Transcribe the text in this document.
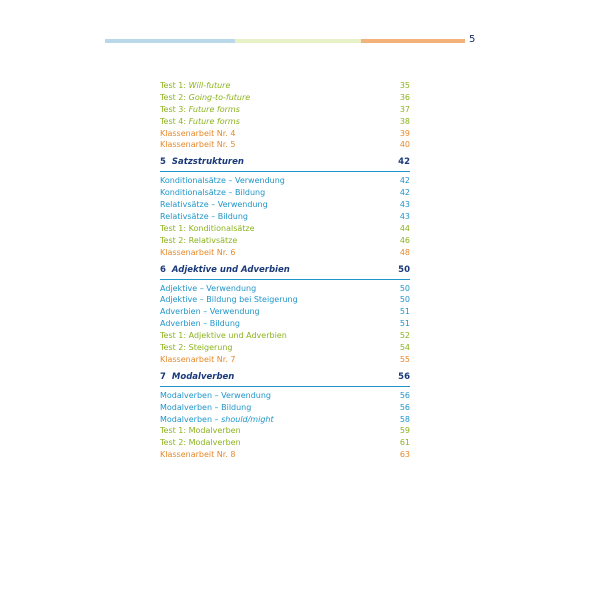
5
Test 1: Will-future	35
Test 2: Going-to-future	36
Test 3: Future forms	37
Test 4: Future forms	38
Klassenarbeit Nr. 4	39
Klassenarbeit Nr. 5	40
5 Satzstrukturen	42
Konditionalsätze – Verwendung	42
Konditionalsätze – Bildung	42
Relativsätze – Verwendung	43
Relativsätze – Bildung	43
Test 1: Konditionalsätze	44
Test 2: Relativsätze	46
Klassenarbeit Nr. 6	48
6 Adjektive und Adverbien	50
Adjektive – Verwendung	50
Adjektive – Bildung bei Steigerung	50
Adverbien – Verwendung	51
Adverbien – Bildung	51
Test 1: Adjektive und Adverbien	52
Test 2: Steigerung	54
Klassenarbeit Nr. 7	55
7 Modalverben	56
Modalverben – Verwendung	56
Modalverben – Bildung	56
Modalverben – should/might	58
Test 1: Modalverben	59
Test 2: Modalverben	61
Klassenarbeit Nr. 8	63
